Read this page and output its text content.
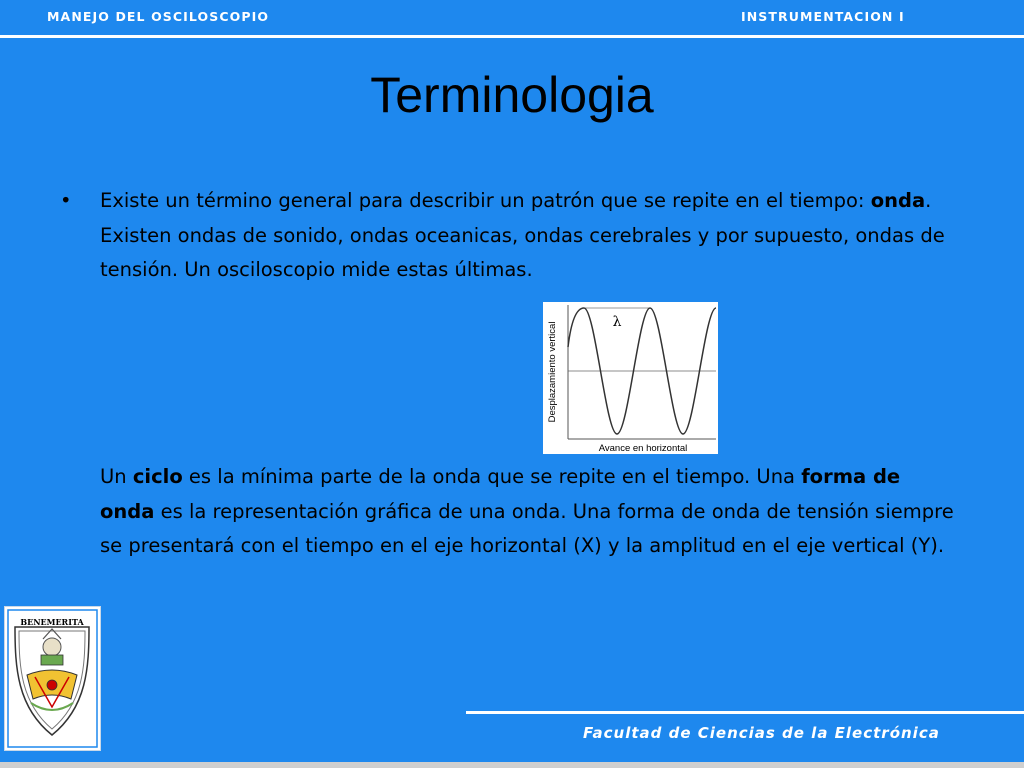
MANEJO DEL OSCILOSCOPIO	INSTRUMENTACION I
Terminologia
• Existe un término general para describir un patrón que se repite en el tiempo: onda. Existen ondas de sonido, ondas oceanicas, ondas cerebrales y por supuesto, ondas de tensión. Un osciloscopio mide estas últimas.
λ
Avance en horizontal
Desplazamiento vertical
Un ciclo es la mínima parte de la onda que se repite en el tiempo. Una forma de onda es la representación gráfica de una onda. Una forma de onda de tensión siempre se presentará con el tiempo en el eje horizontal (X) y la amplitud en el eje vertical (Y).
BENEMERITA
Facultad de Ciencias de la Electrónica
